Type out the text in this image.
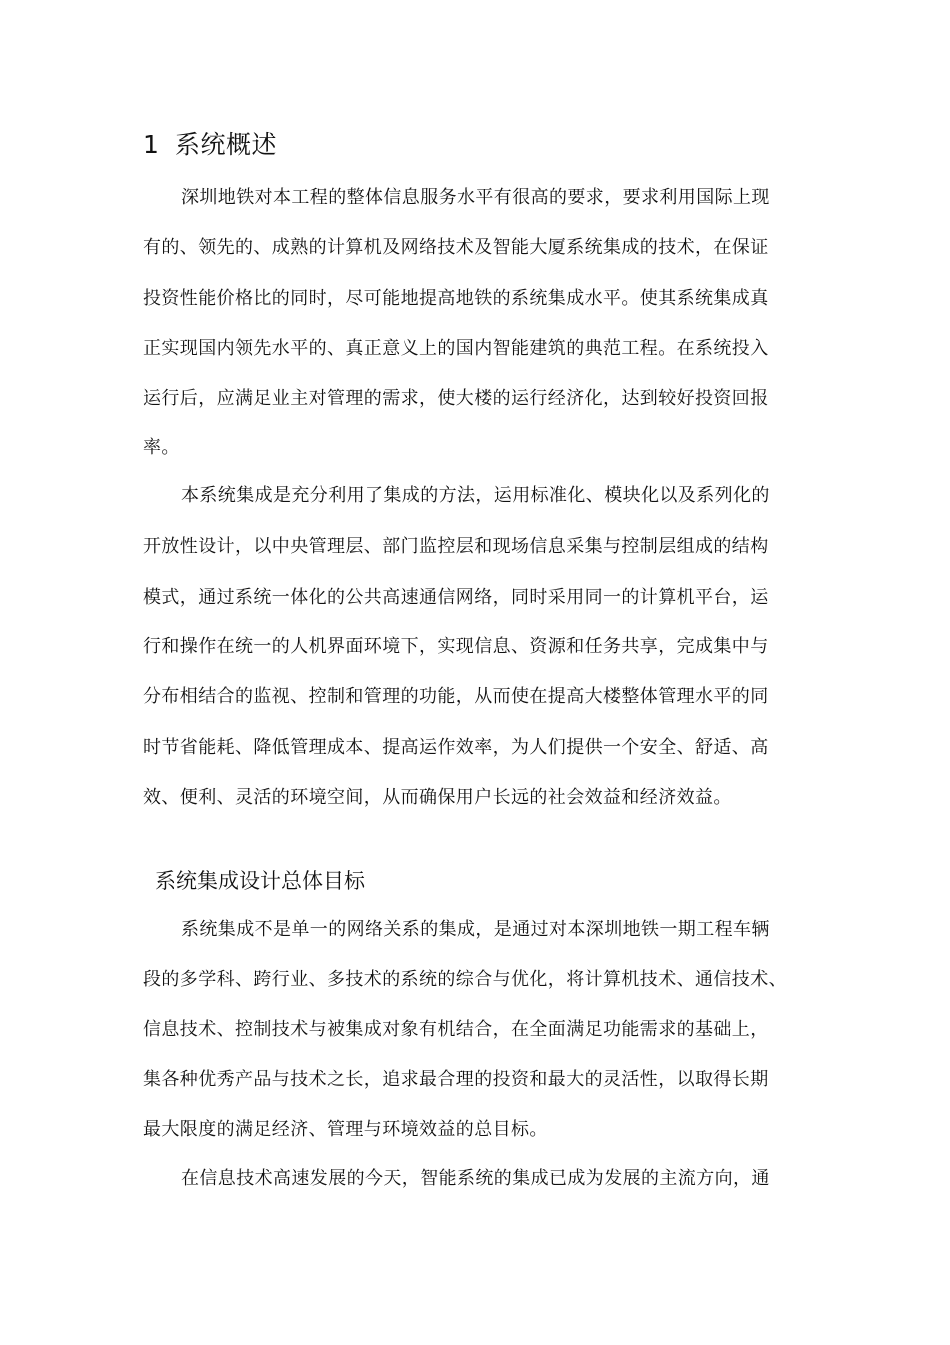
1 系统概述
深圳地铁对本工程的整体信息服务水平有很高的要求，要求利用国际上现
有的、领先的、成熟的计算机及网络技术及智能大厦系统集成的技术，在保证
投资性能价格比的同时，尽可能地提高地铁的系统集成水平。使其系统集成真
正实现国内领先水平的、真正意义上的国内智能建筑的典范工程。在系统投入
运行后，应满足业主对管理的需求，使大楼的运行经济化，达到较好投资回报
率。
本系统集成是充分利用了集成的方法，运用标准化、模块化以及系列化的
开放性设计，以中央管理层、部门监控层和现场信息采集与控制层组成的结构
模式，通过系统一体化的公共高速通信网络，同时采用同一的计算机平台，运
行和操作在统一的人机界面环境下，实现信息、资源和任务共享，完成集中与
分布相结合的监视、控制和管理的功能，从而使在提高大楼整体管理水平的同
时节省能耗、降低管理成本、提高运作效率，为人们提供一个安全、舒适、高
效、便利、灵活的环境空间，从而确保用户长远的社会效益和经济效益。
系统集成设计总体目标
系统集成不是单一的网络关系的集成，是通过对本深圳地铁一期工程车辆
段的多学科、跨行业、多技术的系统的综合与优化，将计算机技术、通信技术、
信息技术、控制技术与被集成对象有机结合，在全面满足功能需求的基础上，
集各种优秀产品与技术之长，追求最合理的投资和最大的灵活性，以取得长期
最大限度的满足经济、管理与环境效益的总目标。
在信息技术高速发展的今天，智能系统的集成已成为发展的主流方向，通
